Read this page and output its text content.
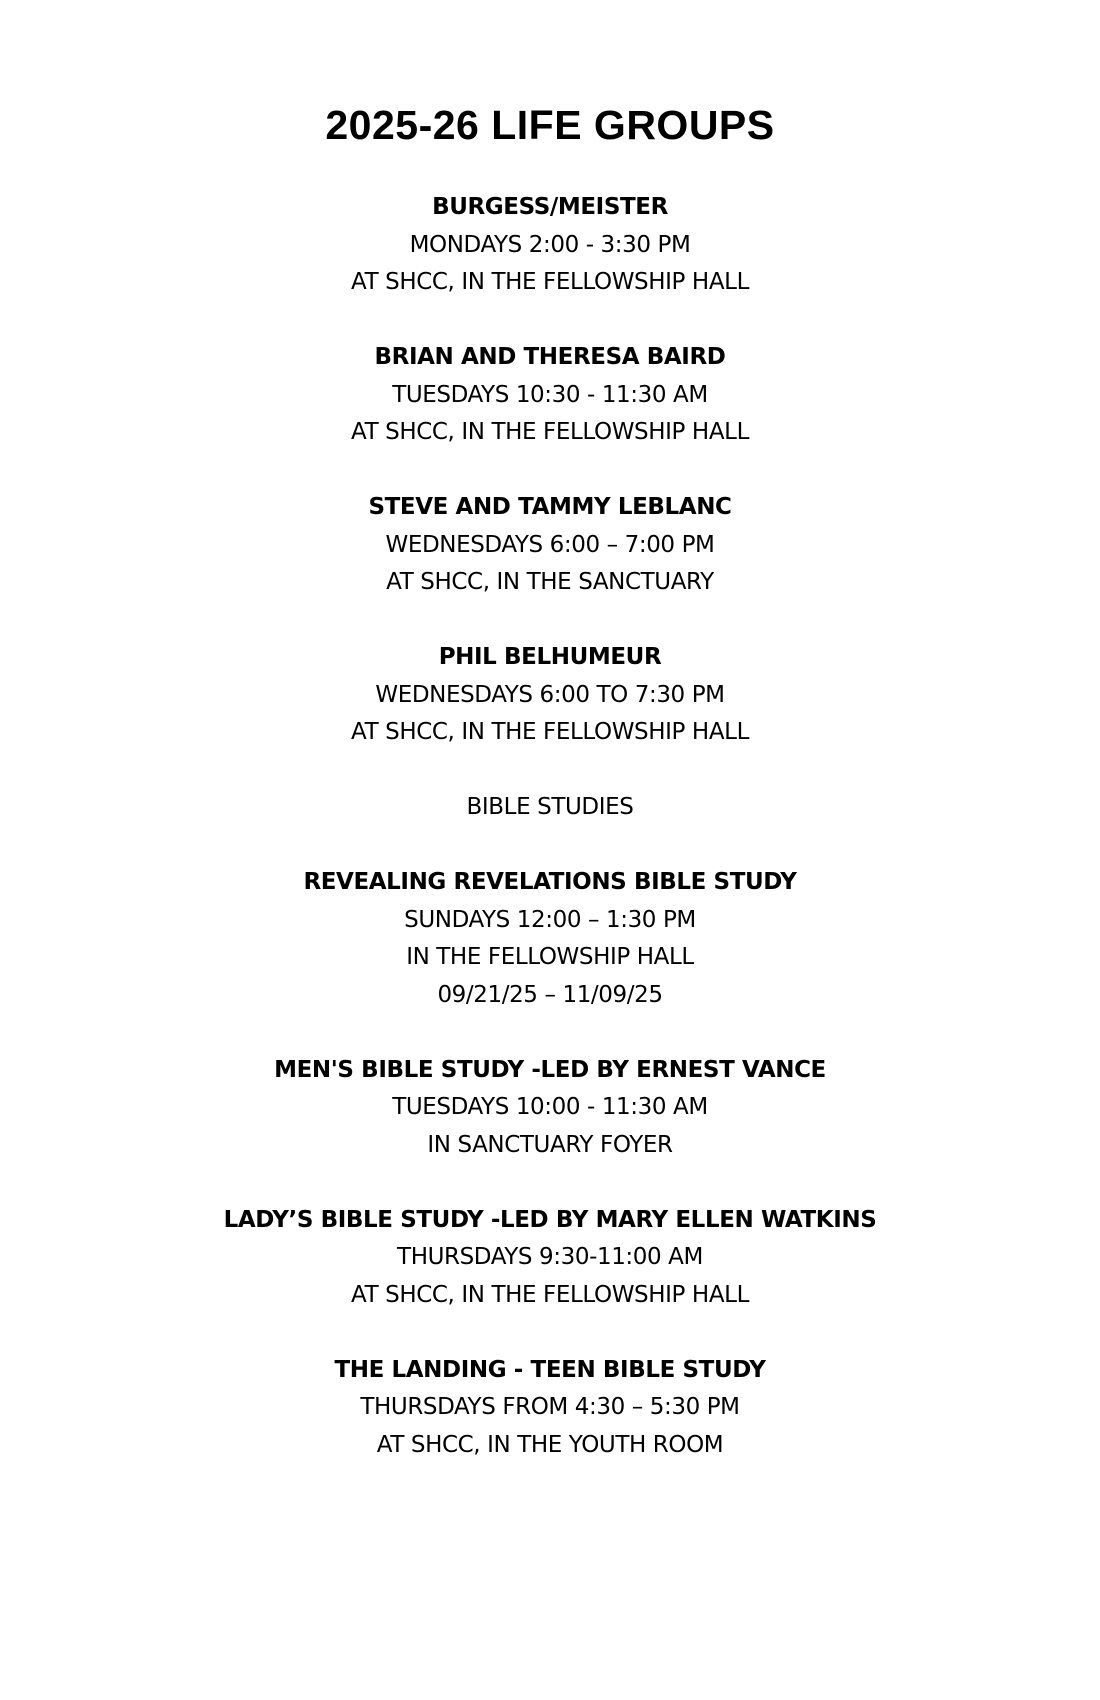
2025-26 LIFE GROUPS
BURGESS/MEISTER
MONDAYS 2:00 - 3:30 PM
AT SHCC, IN THE FELLOWSHIP HALL
BRIAN AND THERESA BAIRD
TUESDAYS 10:30 - 11:30 AM
AT SHCC, IN THE FELLOWSHIP HALL
STEVE AND TAMMY LEBLANC
WEDNESDAYS 6:00 – 7:00 PM
AT SHCC, IN THE SANCTUARY
PHIL BELHUMEUR
WEDNESDAYS 6:00 TO 7:30 PM
AT SHCC, IN THE FELLOWSHIP HALL
BIBLE STUDIES
REVEALING REVELATIONS BIBLE STUDY
SUNDAYS 12:00 – 1:30 PM
IN THE FELLOWSHIP HALL
09/21/25 – 11/09/25
MEN'S BIBLE STUDY -LED BY ERNEST VANCE
TUESDAYS 10:00 - 11:30 AM
IN SANCTUARY FOYER
LADY’S BIBLE STUDY -LED BY MARY ELLEN WATKINS
THURSDAYS 9:30-11:00 AM
AT SHCC, IN THE FELLOWSHIP HALL
THE LANDING - TEEN BIBLE STUDY
THURSDAYS FROM 4:30 – 5:30 PM
AT SHCC, IN THE YOUTH ROOM
